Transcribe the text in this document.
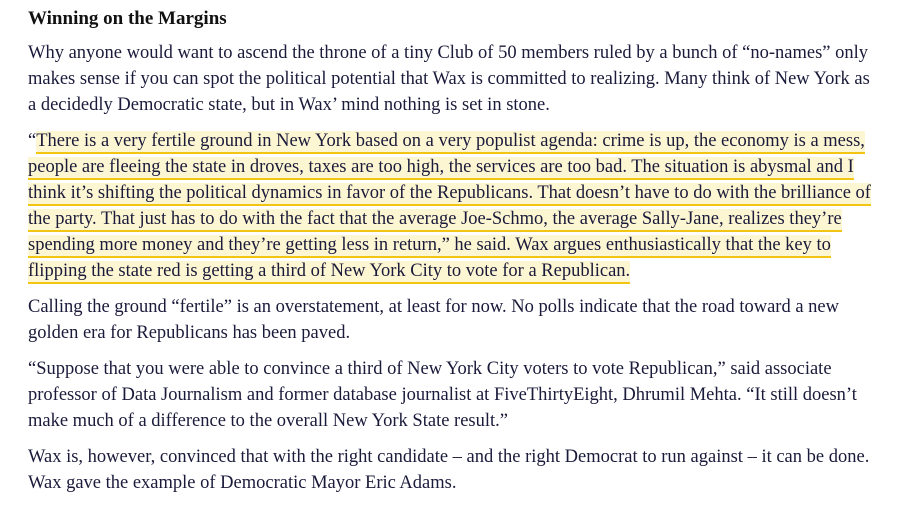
Winning on the Margins

Why anyone would want to ascend the throne of a tiny Club of 50 members ruled by a bunch of “no-names” only makes sense if you can spot the political potential that Wax is committed to realizing. Many think of New York as a decidedly Democratic state, but in Wax’ mind nothing is set in stone.

“There is a very fertile ground in New York based on a very populist agenda: crime is up, the economy is a mess, people are fleeing the state in droves, taxes are too high, the services are too bad. The situation is abysmal and I think it’s shifting the political dynamics in favor of the Republicans. That doesn’t have to do with the brilliance of the party. That just has to do with the fact that the average Joe-Schmo, the average Sally-Jane, realizes they’re spending more money and they’re getting less in return,” he said. Wax argues enthusiastically that the key to flipping the state red is getting a third of New York City to vote for a Republican.

Calling the ground “fertile” is an overstatement, at least for now. No polls indicate that the road toward a new golden era for Republicans has been paved.

“Suppose that you were able to convince a third of New York City voters to vote Republican,” said associate professor of Data Journalism and former database journalist at FiveThirtyEight, Dhrumil Mehta. “It still doesn’t make much of a difference to the overall New York State result.”

Wax is, however, convinced that with the right candidate – and the right Democrat to run against – it can be done. Wax gave the example of Democratic Mayor Eric Adams.
